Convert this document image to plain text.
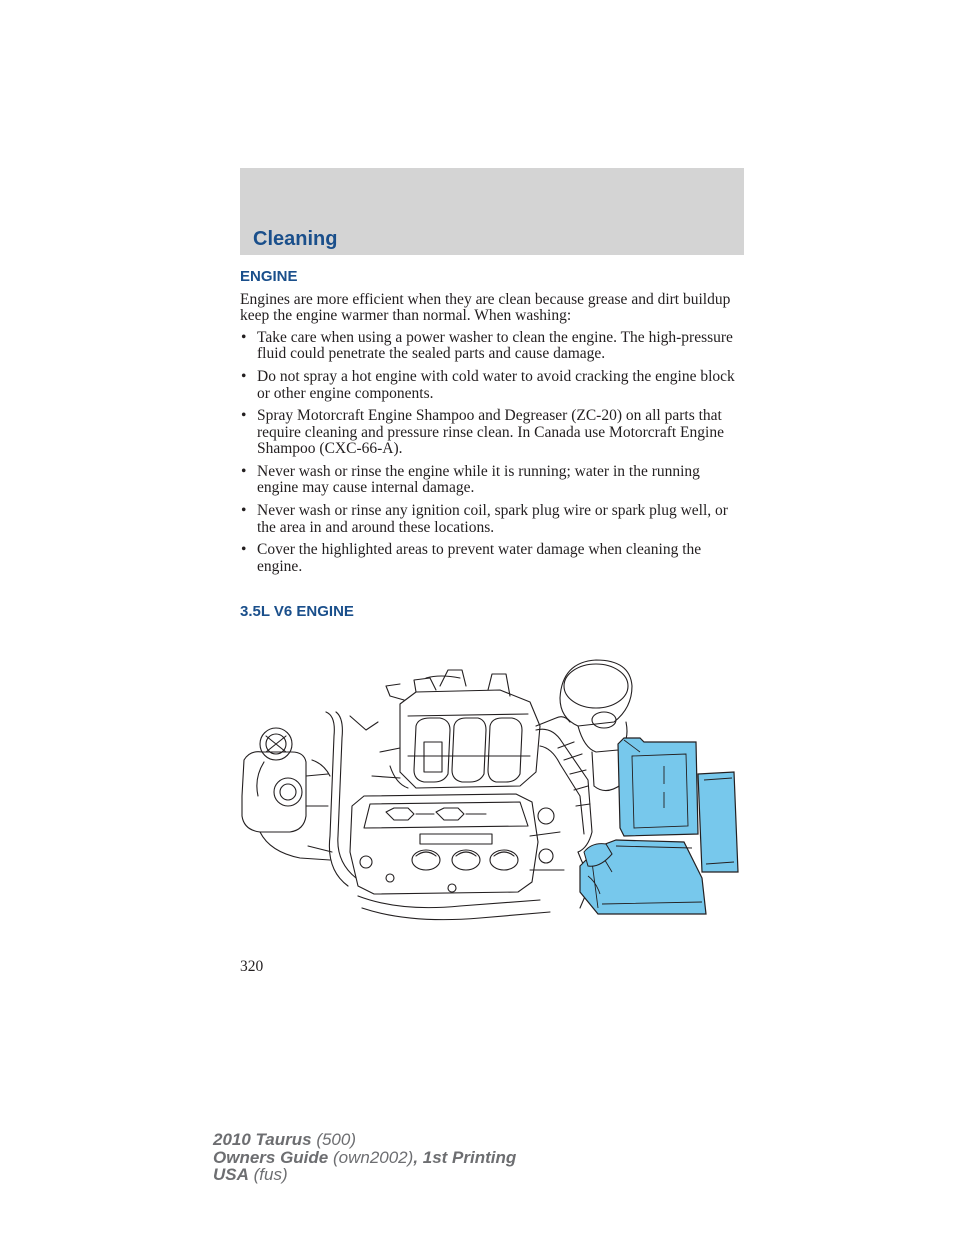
Cleaning
ENGINE

Engines are more efficient when they are clean because grease and dirt buildup keep the engine warmer than normal. When washing:

• Take care when using a power washer to clean the engine. The high-pressure fluid could penetrate the sealed parts and cause damage.
• Do not spray a hot engine with cold water to avoid cracking the engine block or other engine components.
• Spray Motorcraft Engine Shampoo and Degreaser (ZC-20) on all parts that require cleaning and pressure rinse clean. In Canada use Motorcraft Engine Shampoo (CXC-66-A).
• Never wash or rinse the engine while it is running; water in the running engine may cause internal damage.
• Never wash or rinse any ignition coil, spark plug wire or spark plug well, or the area in and around these locations.
• Cover the highlighted areas to prevent water damage when cleaning the engine.
3.5L V6 ENGINE

320

2010 Taurus (500)
Owners Guide (own2002), 1st Printing
USA (fus)
